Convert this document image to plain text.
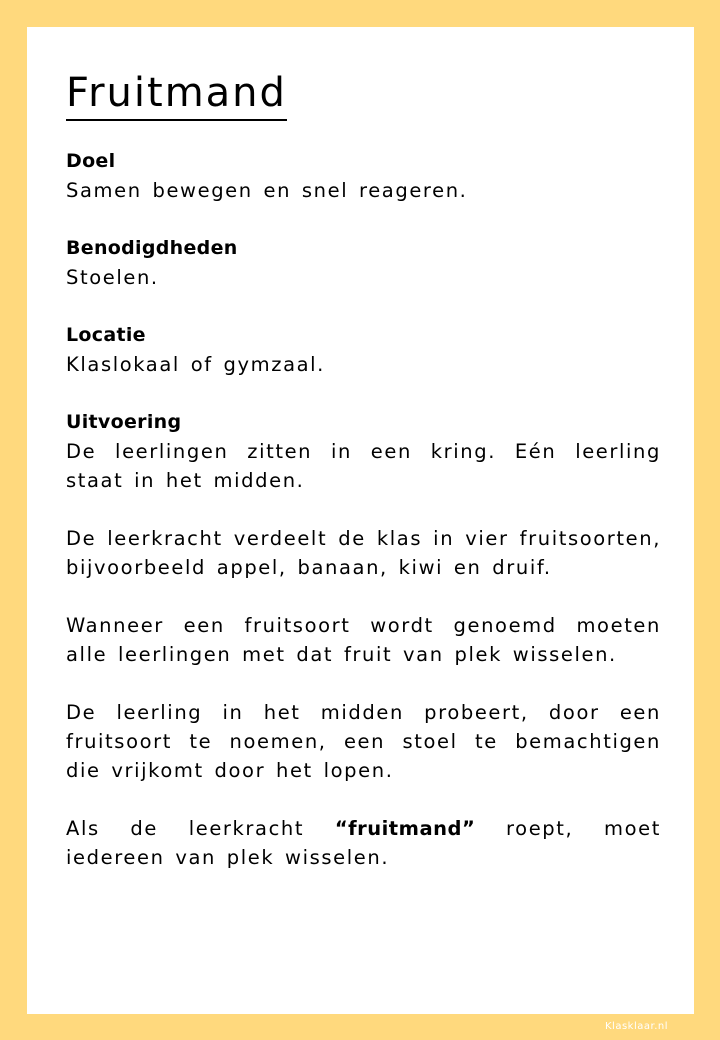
Fruitmand
Doel
Samen bewegen en snel reageren.
Benodigdheden
Stoelen.
Locatie
Klaslokaal of gymzaal.
Uitvoering
De leerlingen zitten in een kring. Eén leerling staat in het midden.
De leerkracht verdeelt de klas in vier fruitsoorten, bijvoorbeeld appel, banaan, kiwi en druif.
Wanneer een fruitsoort wordt genoemd moeten alle leerlingen met dat fruit van plek wisselen.
De leerling in het midden probeert, door een fruitsoort te noemen, een stoel te bemachtigen die vrijkomt door het lopen.
Als de leerkracht “fruitmand” roept, moet iedereen van plek wisselen.
Klasklaar.nl
